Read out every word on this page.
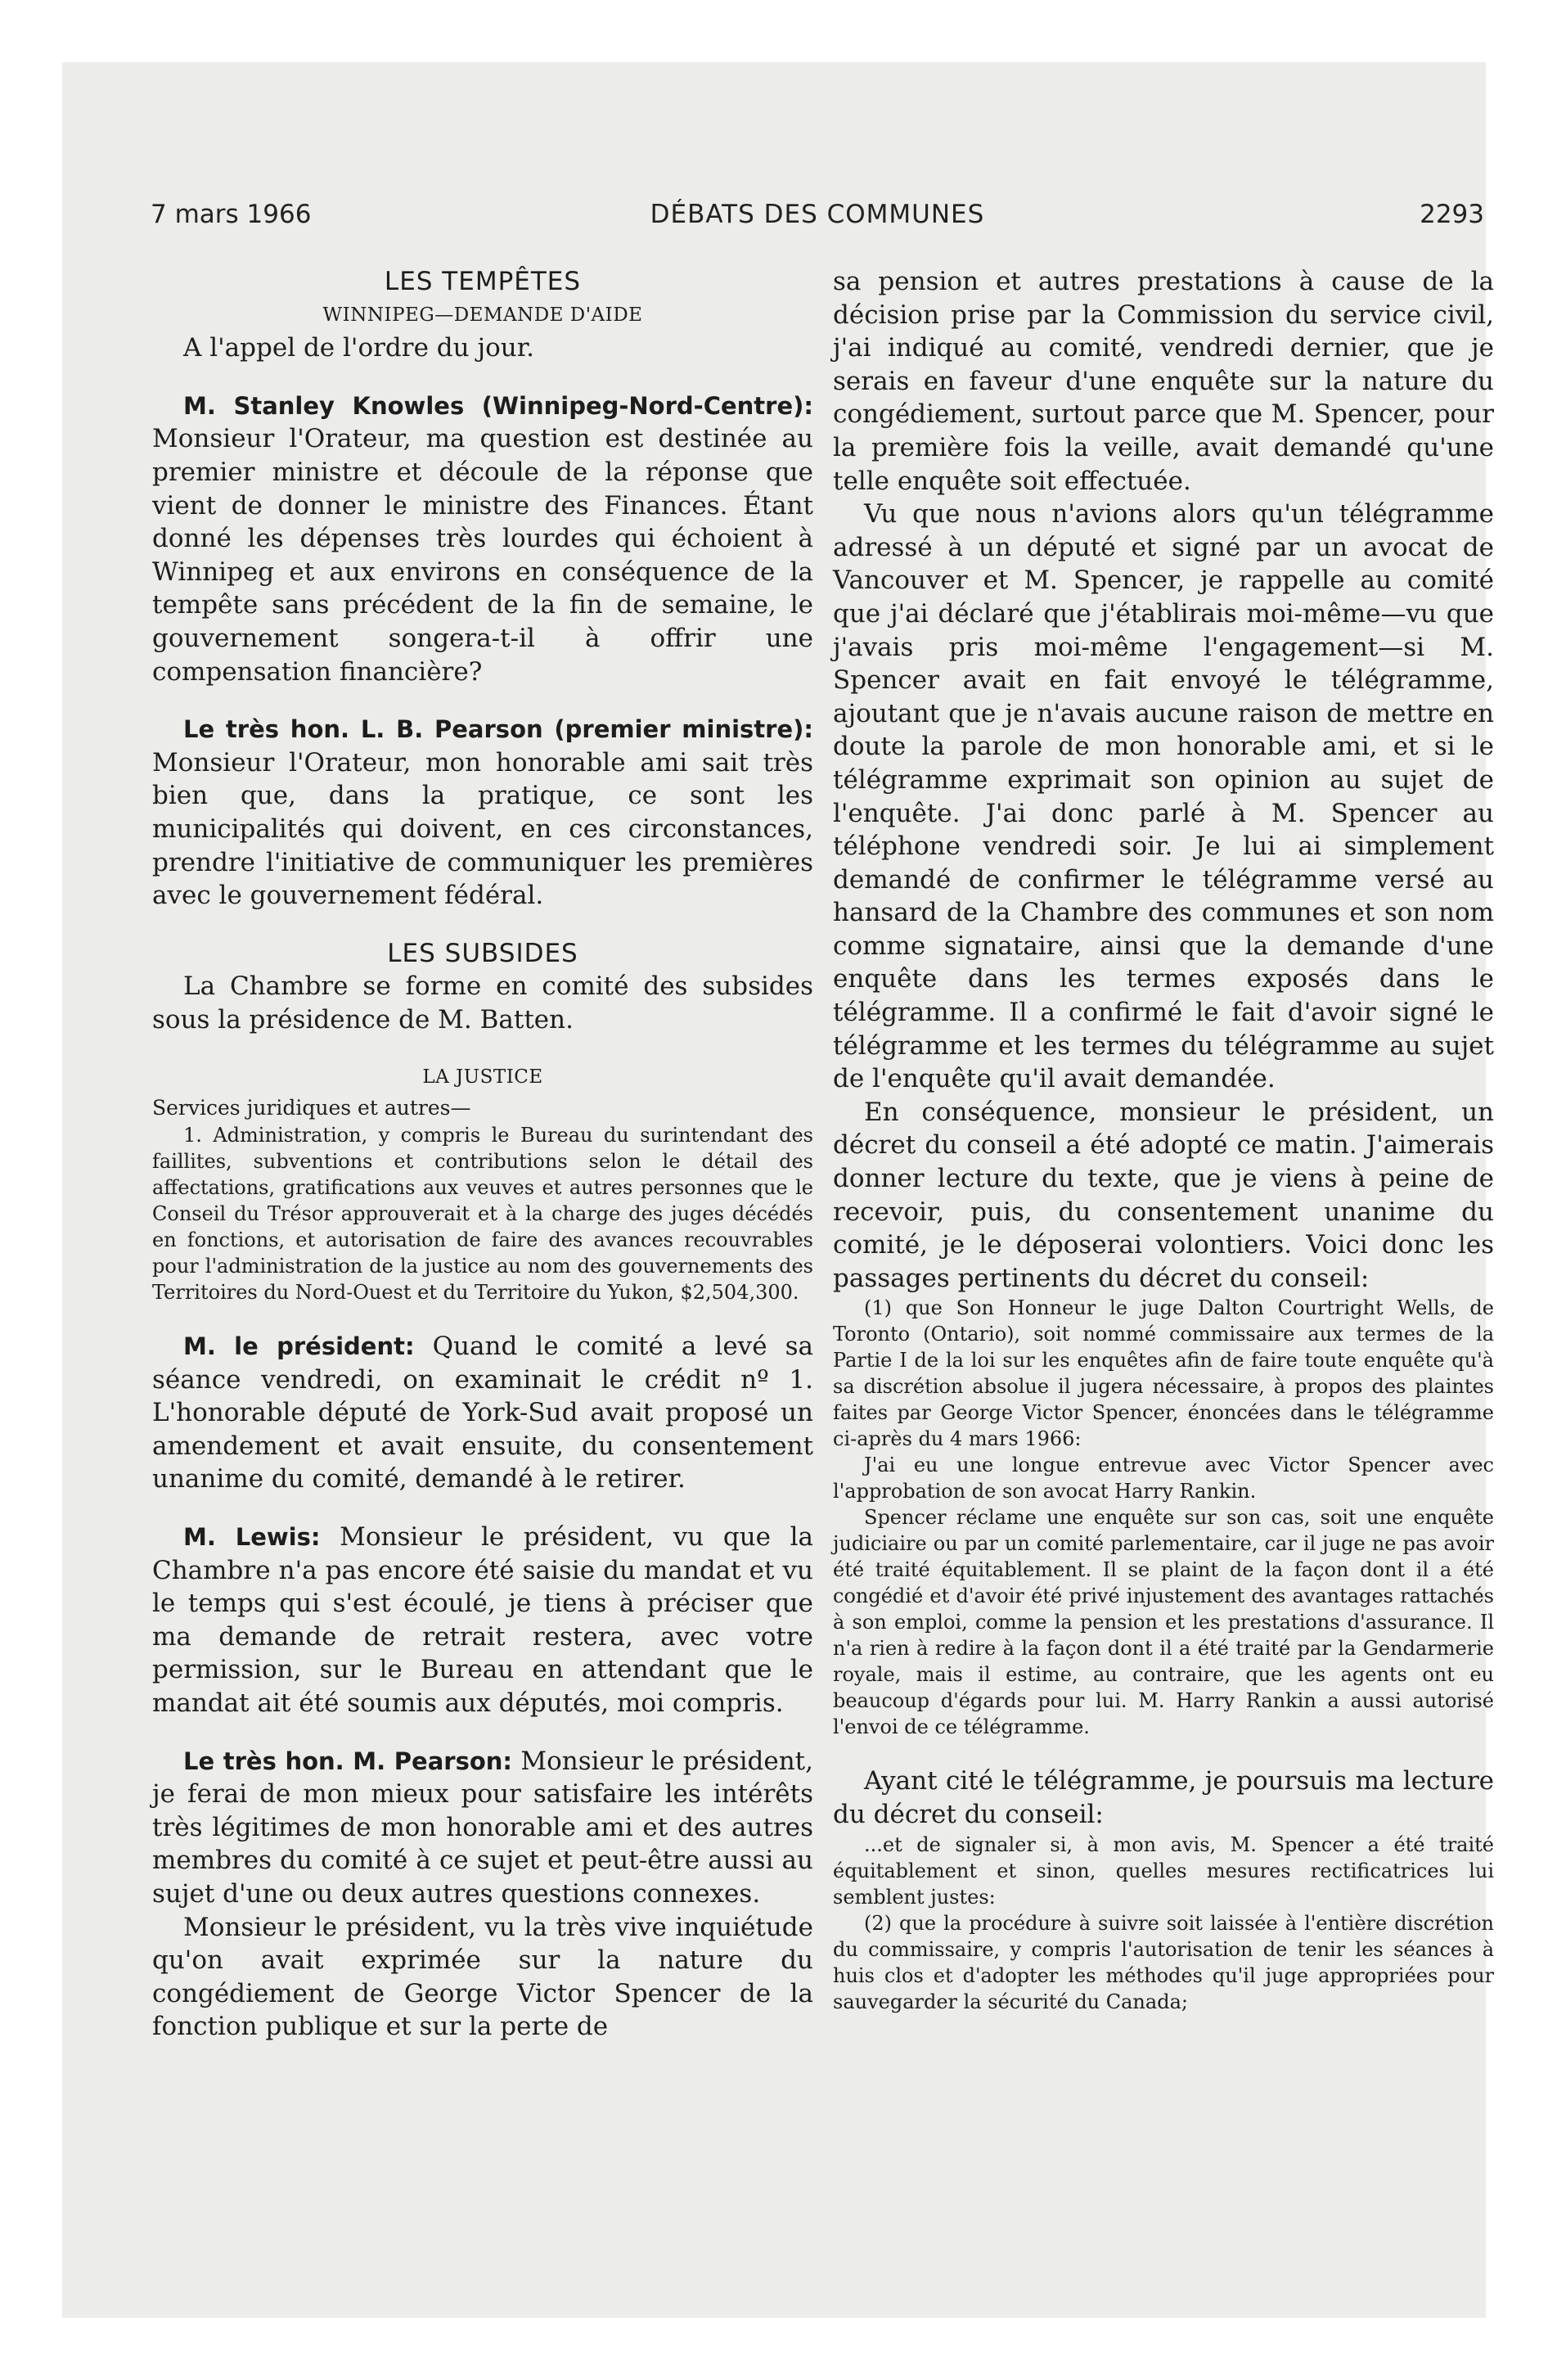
7 mars 1966	DÉBATS DES COMMUNES	2293

LES TEMPÊTES

WINNIPEG—DEMANDE D'AIDE

A l'appel de l'ordre du jour.

M. Stanley Knowles (Winnipeg-Nord-Centre): Monsieur l'Orateur, ma question est destinée au premier ministre et découle de la réponse que vient de donner le ministre des Finances. Étant donné les dépenses très lourdes qui échoient à Winnipeg et aux environs en conséquence de la tempête sans précédent de la fin de semaine, le gouvernement songera-t-il à offrir une compensation financière?

Le très hon. L. B. Pearson (premier ministre): Monsieur l'Orateur, mon honorable ami sait très bien que, dans la pratique, ce sont les municipalités qui doivent, en ces circonstances, prendre l'initiative de communiquer les premières avec le gouvernement fédéral.

LES SUBSIDES

La Chambre se forme en comité des subsides sous la présidence de M. Batten.

LA JUSTICE

Services juridiques et autres—

1. Administration, y compris le Bureau du surintendant des faillites, subventions et contributions selon le détail des affectations, gratifications aux veuves et autres personnes que le Conseil du Trésor approuverait et à la charge des juges décédés en fonctions, et autorisation de faire des avances recouvrables pour l'administration de la justice au nom des gouvernements des Territoires du Nord-Ouest et du Territoire du Yukon, $2,504,300.

M. le président: Quand le comité a levé sa séance vendredi, on examinait le crédit nº 1. L'honorable député de York-Sud avait proposé un amendement et avait ensuite, du consentement unanime du comité, demandé à le retirer.

M. Lewis: Monsieur le président, vu que la Chambre n'a pas encore été saisie du mandat et vu le temps qui s'est écoulé, je tiens à préciser que ma demande de retrait restera, avec votre permission, sur le Bureau en attendant que le mandat ait été soumis aux députés, moi compris.

Le très hon. M. Pearson: Monsieur le président, je ferai de mon mieux pour satisfaire les intérêts très légitimes de mon honorable ami et des autres membres du comité à ce sujet et peut-être aussi au sujet d'une ou deux autres questions connexes.

Monsieur le président, vu la très vive inquiétude qu'on avait exprimée sur la nature du congédiement de George Victor Spencer de la fonction publique et sur la perte de

sa pension et autres prestations à cause de la décision prise par la Commission du service civil, j'ai indiqué au comité, vendredi dernier, que je serais en faveur d'une enquête sur la nature du congédiement, surtout parce que M. Spencer, pour la première fois la veille, avait demandé qu'une telle enquête soit effectuée.

Vu que nous n'avions alors qu'un télégramme adressé à un député et signé par un avocat de Vancouver et M. Spencer, je rappelle au comité que j'ai déclaré que j'établirais moi-même—vu que j'avais pris moi-même l'engagement—si M. Spencer avait en fait envoyé le télégramme, ajoutant que je n'avais aucune raison de mettre en doute la parole de mon honorable ami, et si le télégramme exprimait son opinion au sujet de l'enquête. J'ai donc parlé à M. Spencer au téléphone vendredi soir. Je lui ai simplement demandé de confirmer le télégramme versé au hansard de la Chambre des communes et son nom comme signataire, ainsi que la demande d'une enquête dans les termes exposés dans le télégramme. Il a confirmé le fait d'avoir signé le télégramme et les termes du télégramme au sujet de l'enquête qu'il avait demandée.

En conséquence, monsieur le président, un décret du conseil a été adopté ce matin. J'aimerais donner lecture du texte, que je viens à peine de recevoir, puis, du consentement unanime du comité, je le déposerai volontiers. Voici donc les passages pertinents du décret du conseil:

(1) que Son Honneur le juge Dalton Courtright Wells, de Toronto (Ontario), soit nommé commissaire aux termes de la Partie I de la loi sur les enquêtes afin de faire toute enquête qu'à sa discrétion absolue il jugera nécessaire, à propos des plaintes faites par George Victor Spencer, énoncées dans le télégramme ci-après du 4 mars 1966:

J'ai eu une longue entrevue avec Victor Spencer avec l'approbation de son avocat Harry Rankin.

Spencer réclame une enquête sur son cas, soit une enquête judiciaire ou par un comité parlementaire, car il juge ne pas avoir été traité équitablement. Il se plaint de la façon dont il a été congédié et d'avoir été privé injustement des avantages rattachés à son emploi, comme la pension et les prestations d'assurance. Il n'a rien à redire à la façon dont il a été traité par la Gendarmerie royale, mais il estime, au contraire, que les agents ont eu beaucoup d'égards pour lui. M. Harry Rankin a aussi autorisé l'envoi de ce télégramme.

Ayant cité le télégramme, je poursuis ma lecture du décret du conseil:

...et de signaler si, à mon avis, M. Spencer a été traité équitablement et sinon, quelles mesures rectificatrices lui semblent justes:

(2) que la procédure à suivre soit laissée à l'entière discrétion du commissaire, y compris l'autorisation de tenir les séances à huis clos et d'adopter les méthodes qu'il juge appropriées pour sauvegarder la sécurité du Canada;
